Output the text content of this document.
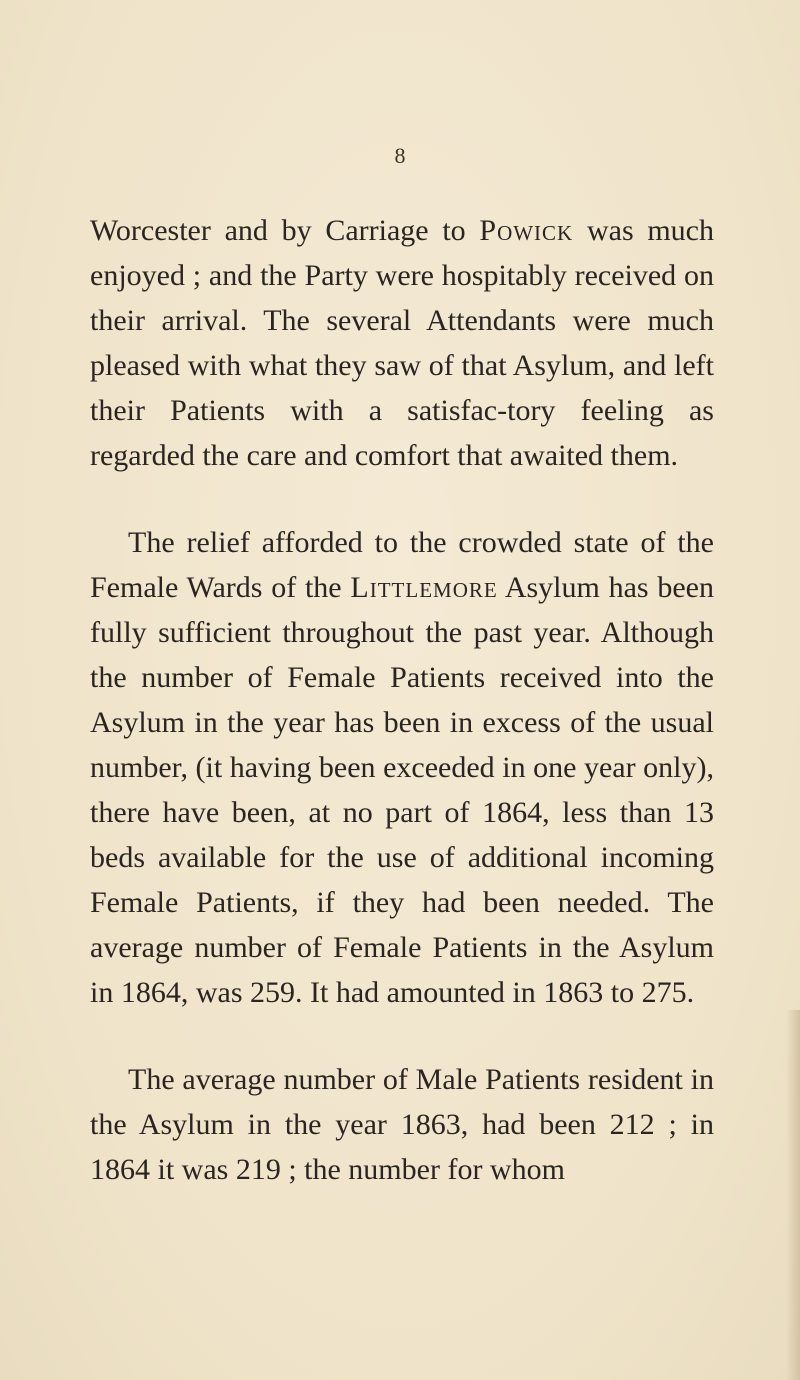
8

Worcester and by Carriage to Powick was much enjoyed ; and the Party were hospitably received on their arrival. The several Attendants were much pleased with what they saw of that Asylum, and left their Patients with a satisfac-tory feeling as regarded the care and comfort that awaited them.

The relief afforded to the crowded state of the Female Wards of the Littlemore Asylum has been fully sufficient throughout the past year. Although the number of Female Patients received into the Asylum in the year has been in excess of the usual number, (it having been exceeded in one year only), there have been, at no part of 1864, less than 13 beds available for the use of additional incoming Female Patients, if they had been needed. The average number of Female Patients in the Asylum in 1864, was 259. It had amounted in 1863 to 275.

The average number of Male Patients resident in the Asylum in the year 1863, had been 212 ; in 1864 it was 219 ; the number for whom
